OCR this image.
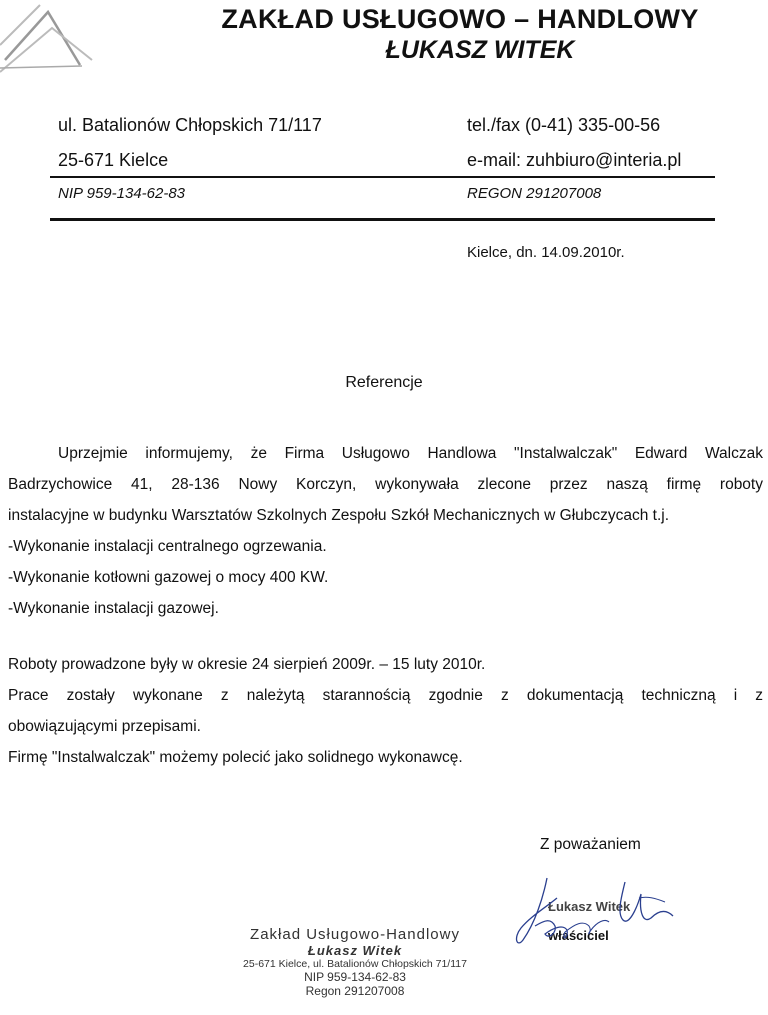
ZAKŁAD USŁUGOWO – HANDLOWY
ŁUKASZ WITEK
ul. Batalionów Chłopskich 71/117
25-671 Kielce
tel./fax (0-41) 335-00-56
e-mail: zuhbiuro@interia.pl
NIP 959-134-62-83	REGON 291207008
Kielce, dn. 14.09.2010r.
Referencje
Uprzejmie informujemy, że Firma Usługowo Handlowa "Instalwalczak" Edward Walczak
Badrzychowice 41, 28-136 Nowy Korczyn, wykonywała zlecone przez naszą firmę roboty
instalacyjne w budynku Warsztatów Szkolnych Zespołu Szkół Mechanicznych w Głubczycach t.j.
-Wykonanie instalacji centralnego ogrzewania.
-Wykonanie kotłowni gazowej o mocy 400 KW.
-Wykonanie instalacji gazowej.
Roboty prowadzone były w okresie 24 sierpień 2009r. – 15 luty 2010r.
Prace zostały wykonane z należytą starannością zgodnie z dokumentacją techniczną i z
obowiązującymi przepisami.
Firmę "Instalwalczak" możemy polecić jako solidnego wykonawcę.
Z poważaniem
Zakład Usługowo-Handlowy
Łukasz Witek
25-671 Kielce, ul. Batalionów Chłopskich 71/117
NIP 959-134-62-83
Regon 291207008
Łukasz Witek
właściciel
